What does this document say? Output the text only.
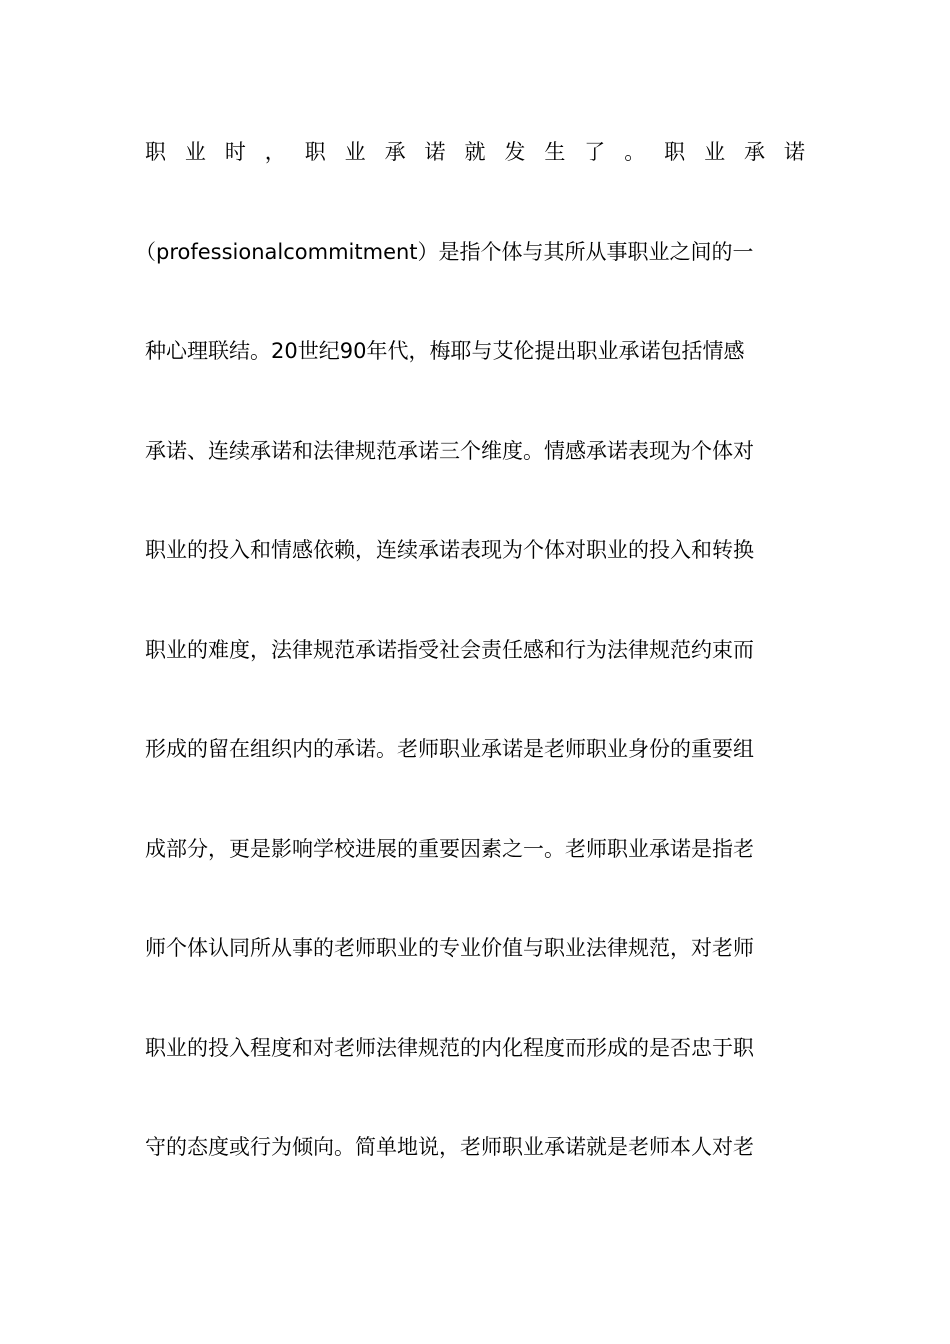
职 业 时 ， 职 业 承 诺 就 发 生 了 。 职 业 承 诺
（professionalcommitment）是指个体与其所从事职业之间的一
种心理联结。20世纪90年代，梅耶与艾伦提出职业承诺包括情感
承诺、连续承诺和法律规范承诺三个维度。情感承诺表现为个体对
职业的投入和情感依赖，连续承诺表现为个体对职业的投入和转换
职业的难度，法律规范承诺指受社会责任感和行为法律规范约束而
形成的留在组织内的承诺。老师职业承诺是老师职业身份的重要组
成部分，更是影响学校进展的重要因素之一。老师职业承诺是指老
师个体认同所从事的老师职业的专业价值与职业法律规范，对老师
职业的投入程度和对老师法律规范的内化程度而形成的是否忠于职
守的态度或行为倾向。简单地说，老师职业承诺就是老师本人对老
